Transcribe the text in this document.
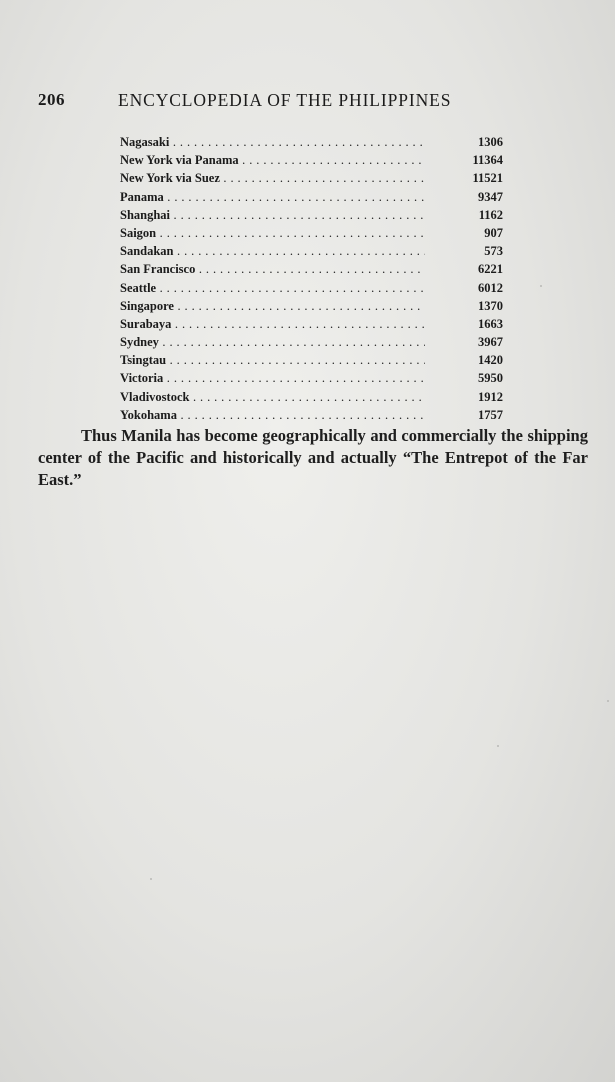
206	ENCYCLOPEDIA OF THE PHILIPPINES
Nagasaki . . .	1306
New York via Panama . . .	11364
New York via Suez . . .	11521
Panama . . .	9347
Shanghai . . .	1162
Saigon . . .	907
Sandakan . . .	573
San Francisco . . .	6221
Seattle . . .	6012
Singapore . . .	1370
Surabaya . . .	1663
Sydney . . .	3967
Tsingtau . . .	1420
Victoria . . .	5950
Vladivostock . . .	1912
Yokohama . . .	1757

Thus Manila has become geographically and commercially the shipping center of the Pacific and historically and actually “The Entrepot of the Far East.”
